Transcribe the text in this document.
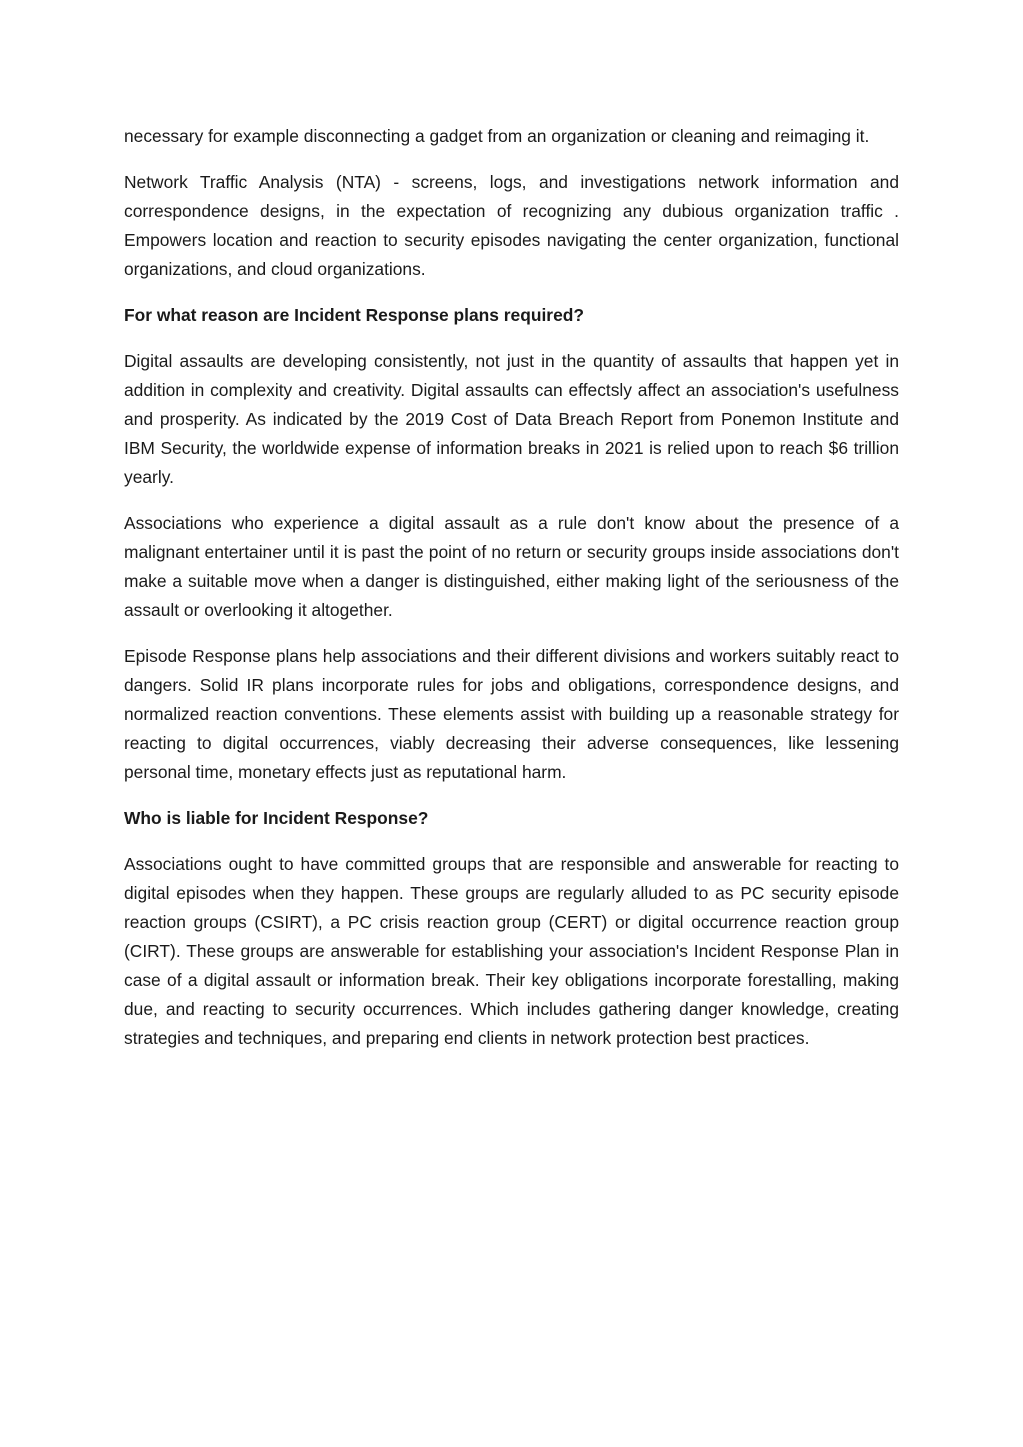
necessary for example disconnecting a gadget from an organization or cleaning and reimaging it.

Network Traffic Analysis (NTA) - screens, logs, and investigations network information and correspondence designs, in the expectation of recognizing any dubious organization traffic . Empowers location and reaction to security episodes navigating the center organization, functional organizations, and cloud organizations.

For what reason are Incident Response plans required?

Digital assaults are developing consistently, not just in the quantity of assaults that happen yet in addition in complexity and creativity. Digital assaults can effectsly affect an association's usefulness and prosperity. As indicated by the 2019 Cost of Data Breach Report from Ponemon Institute and IBM Security, the worldwide expense of information breaks in 2021 is relied upon to reach $6 trillion yearly.

Associations who experience a digital assault as a rule don't know about the presence of a malignant entertainer until it is past the point of no return or security groups inside associations don't make a suitable move when a danger is distinguished, either making light of the seriousness of the assault or overlooking it altogether.

Episode Response plans help associations and their different divisions and workers suitably react to dangers. Solid IR plans incorporate rules for jobs and obligations, correspondence designs, and normalized reaction conventions. These elements assist with building up a reasonable strategy for reacting to digital occurrences, viably decreasing their adverse consequences, like lessening personal time, monetary effects just as reputational harm.

Who is liable for Incident Response?

Associations ought to have committed groups that are responsible and answerable for reacting to digital episodes when they happen. These groups are regularly alluded to as PC security episode reaction groups (CSIRT), a PC crisis reaction group (CERT) or digital occurrence reaction group (CIRT). These groups are answerable for establishing your association's Incident Response Plan in case of a digital assault or information break. Their key obligations incorporate forestalling, making due, and reacting to security occurrences. Which includes gathering danger knowledge, creating strategies and techniques, and preparing end clients in network protection best practices.
